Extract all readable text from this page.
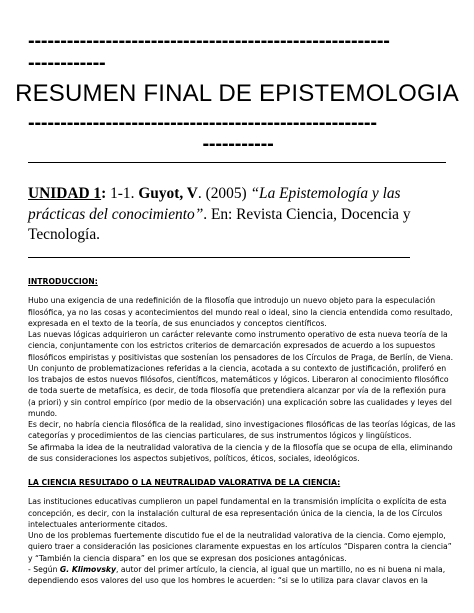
--------------------------------------------------------
------------
RESUMEN FINAL DE EPISTEMOLOGIA
------------------------------------------------------
-----------
UNIDAD 1: 1-1. Guyot, V. (2005) “La Epistemología y las prácticas del conocimiento”. En: Revista Ciencia, Docencia y Tecnología.

INTRODUCCION:

Hubo una exigencia de una redefinición de la filosofía que introdujo un nuevo objeto para la especulación filosófica, ya no las cosas y acontecimientos del mundo real o ideal, sino la ciencia entendida como resultado, expresada en el texto de la teoría, de sus enunciados y conceptos científicos.

Las nuevas lógicas adquirieron un carácter relevante como instrumento operativo de esta nueva teoría de la ciencia, conjuntamente con los estrictos criterios de demarcación expresados de acuerdo a los supuestos filosóficos empiristas y positivistas que sostenían los pensadores de los Círculos de Praga, de Berlín, de Viena.

Un conjunto de problematizaciones referidas a la ciencia, acotada a su contexto de justificación, proliferó en los trabajos de estos nuevos filósofos, científicos, matemáticos y lógicos. Liberaron al conocimiento filosófico de toda suerte de metafísica, es decir, de toda filosofía que pretendiera alcanzar por vía de la reflexión pura (a priori) y sin control empírico (por medio de la observación) una explicación sobre las cualidades y leyes del mundo.

Es decir, no habría ciencia filosófica de la realidad, sino investigaciones filosóficas de las teorías lógicas, de las categorías y procedimientos de las ciencias particulares, de sus instrumentos lógicos y lingüísticos.

Se afirmaba la idea de la neutralidad valorativa de la ciencia y de la filosofía que se ocupa de ella, eliminando de sus consideraciones los aspectos subjetivos, políticos, éticos, sociales, ideológicos.

LA CIENCIA RESULTADO O LA NEUTRALIDAD VALORATIVA DE LA CIENCIA:

Las instituciones educativas cumplieron un papel fundamental en la transmisión implícita o explícita de esta concepción, es decir, con la instalación cultural de esa representación única de la ciencia, la de los Círculos intelectuales anteriormente citados.

Uno de los problemas fuertemente discutido fue el de la neutralidad valorativa de la ciencia. Como ejemplo, quiero traer a consideración las posiciones claramente expuestas en los artículos “Disparen contra la ciencia” y “También la ciencia dispara” en los que se expresan dos posiciones antagónicas.

- Según G. Klimovsky, autor del primer artículo, la ciencia, al igual que un martillo, no es ni buena ni mala, dependiendo esos valores del uso que los hombres le acuerden: “si se lo utiliza para clavar clavos en la
